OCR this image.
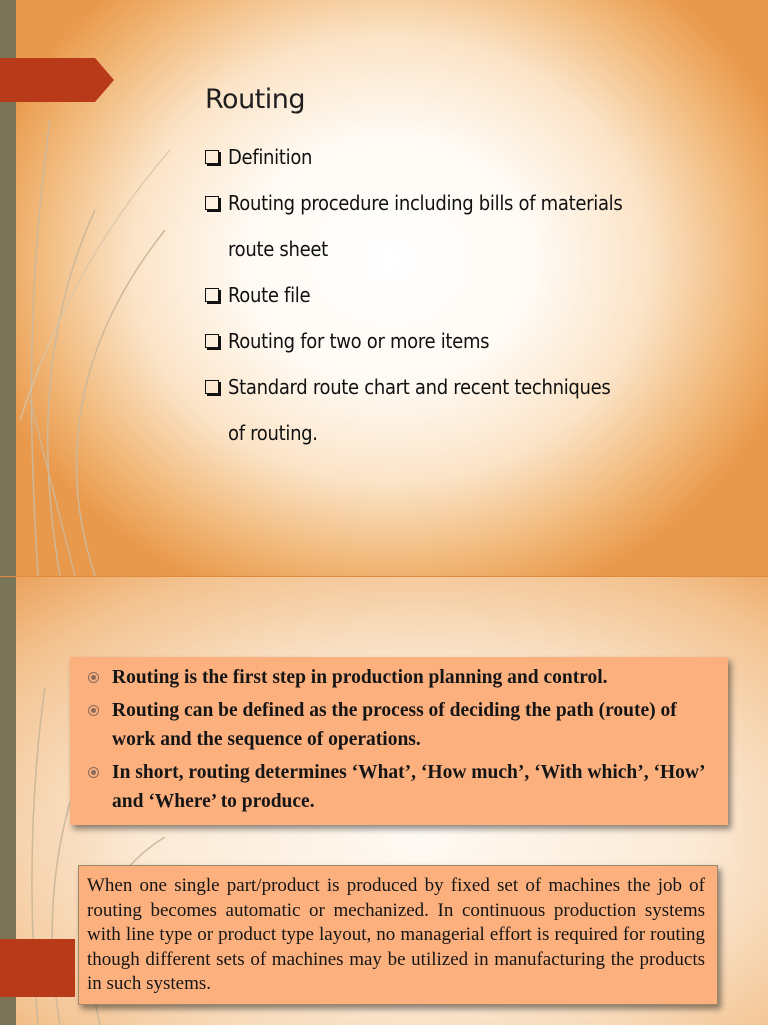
Routing
Definition
Routing procedure including bills of materials route sheet
Route file
Routing for two or more items
Standard route chart and recent techniques of routing.
Routing is the first step in production planning and control.
Routing can be defined as the process of deciding the path (route) of work and the sequence of operations.
In short, routing determines ‘What’, ‘How much’, ‘With which’, ‘How’ and ‘Where’ to produce.

When one single part/product is produced by fixed set of machines the job of routing becomes automatic or mechanized. In continuous production systems with line type or product type layout, no managerial effort is required for routing though different sets of machines may be utilized in manufacturing the products in such systems.
